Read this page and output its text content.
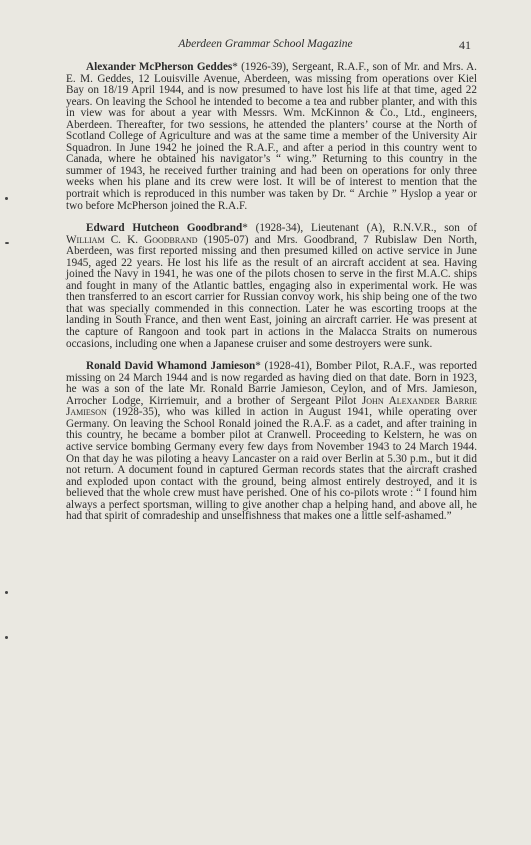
Aberdeen Grammar School Magazine	41

Alexander McPherson Geddes* (1926-39), Sergeant, R.A.F., son of Mr. and Mrs. A. E. M. Geddes, 12 Louisville Avenue, Aberdeen, was missing from operations over Kiel Bay on 18/19 April 1944, and is now presumed to have lost his life at that time, aged 22 years. On leaving the School he intended to become a tea and rubber planter, and with this in view was for about a year with Messrs. Wm. McKinnon & Co., Ltd., engineers, Aberdeen. Thereafter, for two sessions, he attended the planters’ course at the North of Scotland College of Agriculture and was at the same time a member of the University Air Squadron. In June 1942 he joined the R.A.F., and after a period in this country went to Canada, where he obtained his navigator’s “ wing.” Returning to this country in the summer of 1943, he received further training and had been on operations for only three weeks when his plane and its crew were lost. It will be of interest to mention that the portrait which is reproduced in this number was taken by Dr. “ Archie ” Hyslop a year or two before McPherson joined the R.A.F.

Edward Hutcheon Goodbrand* (1928-34), Lieutenant (A), R.N.V.R., son of William C. K. Goodbrand (1905-07) and Mrs. Goodbrand, 7 Rubislaw Den North, Aberdeen, was first reported missing and then presumed killed on active service in June 1945, aged 22 years. He lost his life as the result of an aircraft accident at sea. Having joined the Navy in 1941, he was one of the pilots chosen to serve in the first M.A.C. ships and fought in many of the Atlantic battles, engaging also in experimental work. He was then transferred to an escort carrier for Russian convoy work, his ship being one of the two that was specially commended in this connection. Later he was escorting troops at the landing in South France, and then went East, joining an aircraft carrier. He was present at the capture of Rangoon and took part in actions in the Malacca Straits on numerous occasions, including one when a Japanese cruiser and some destroyers were sunk.

Ronald David Whamond Jamieson* (1928-41), Bomber Pilot, R.A.F., was reported missing on 24 March 1944 and is now regarded as having died on that date. Born in 1923, he was a son of the late Mr. Ronald Barrie Jamieson, Ceylon, and of Mrs. Jamieson, Arrocher Lodge, Kirriemuir, and a brother of Sergeant Pilot John Alexander Barrie Jamieson (1928-35), who was killed in action in August 1941, while operating over Germany. On leaving the School Ronald joined the R.A.F. as a cadet, and after training in this country, he became a bomber pilot at Cranwell. Proceeding to Kelstern, he was on active service bombing Germany every few days from November 1943 to 24 March 1944. On that day he was piloting a heavy Lancaster on a raid over Berlin at 5.30 p.m., but it did not return. A document found in captured German records states that the aircraft crashed and exploded upon contact with the ground, being almost entirely destroyed, and it is believed that the whole crew must have perished. One of his co-pilots wrote : “ I found him always a perfect sportsman, willing to give another chap a helping hand, and above all, he had that spirit of comradeship and unselfishness that makes one a little self-ashamed.”
